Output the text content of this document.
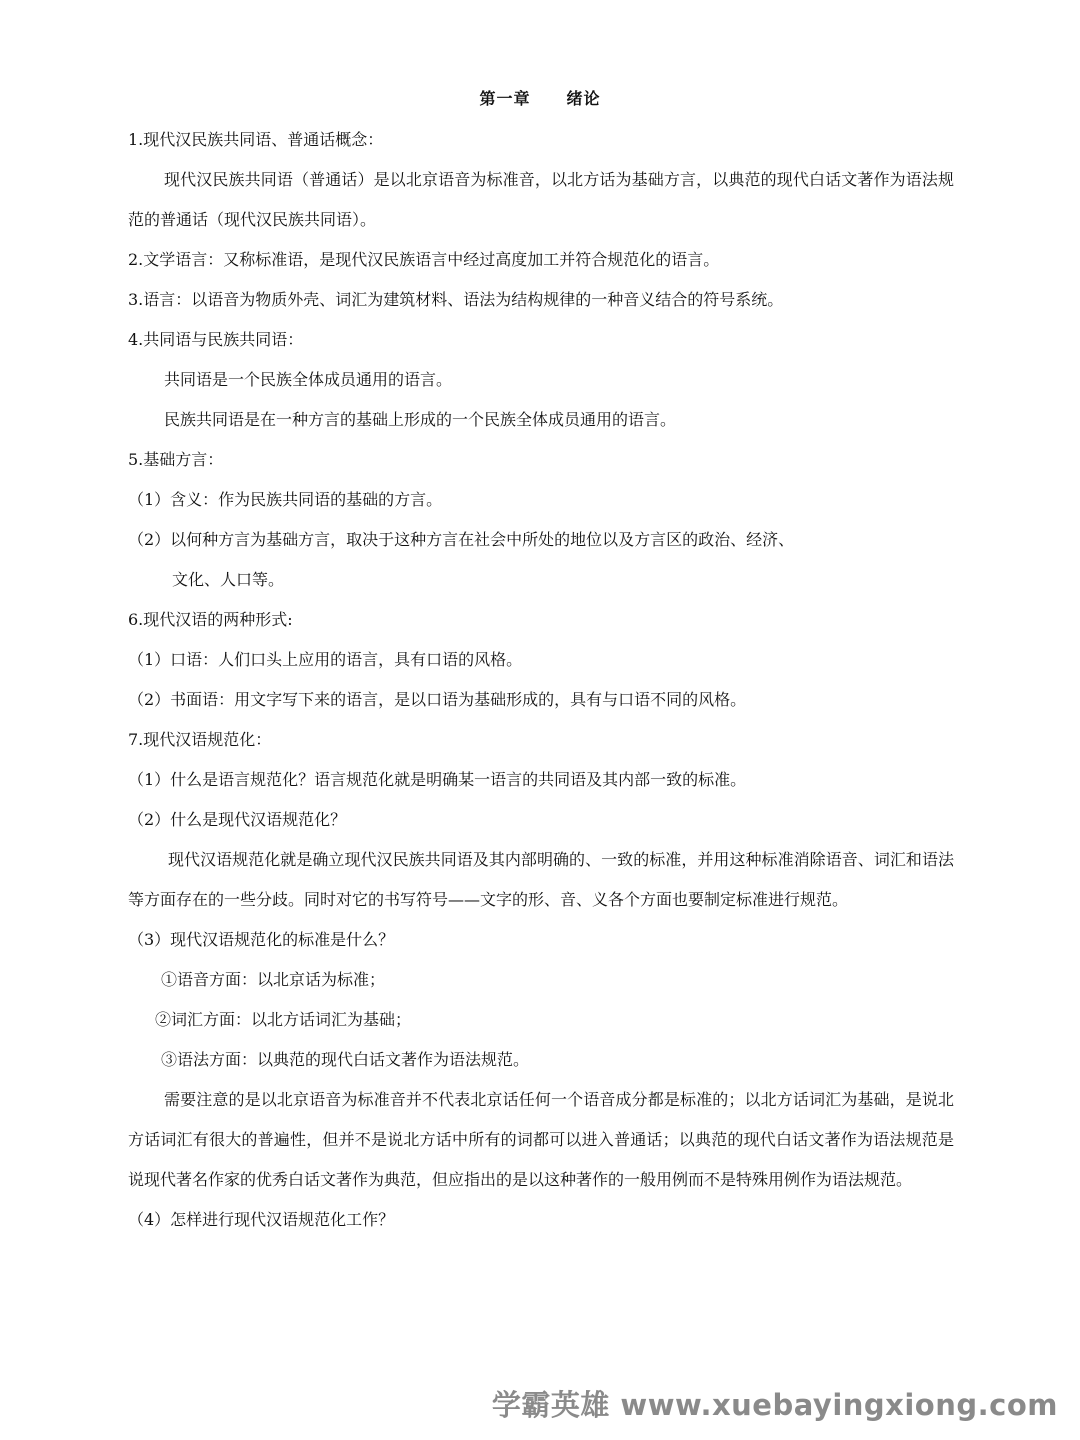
第一章 绪论

1.现代汉民族共同语、普通话概念：

现代汉民族共同语（普通话）是以北京语音为标准音，以北方话为基础方言，以典范的现代白话文著作为语法规范的普通话（现代汉民族共同语）。

2.文学语言：又称标准语，是现代汉民族语言中经过高度加工并符合规范化的语言。

3.语言：以语音为物质外壳、词汇为建筑材料、语法为结构规律的一种音义结合的符号系统。

4.共同语与民族共同语：

共同语是一个民族全体成员通用的语言。

民族共同语是在一种方言的基础上形成的一个民族全体成员通用的语言。

5.基础方言：

（1）含义：作为民族共同语的基础的方言。

（2）以何种方言为基础方言，取决于这种方言在社会中所处的地位以及方言区的政治、经济、

文化、人口等。

6.现代汉语的两种形式:

（1）口语：人们口头上应用的语言，具有口语的风格。

（2）书面语：用文字写下来的语言，是以口语为基础形成的，具有与口语不同的风格。

7.现代汉语规范化：

（1）什么是语言规范化？语言规范化就是明确某一语言的共同语及其内部一致的标准。

（2）什么是现代汉语规范化？

现代汉语规范化就是确立现代汉民族共同语及其内部明确的、一致的标准，并用这种标准消除语音、词汇和语法等方面存在的一些分歧。同时对它的书写符号——文字的形、音、义各个方面也要制定标准进行规范。

（3）现代汉语规范化的标准是什么？

①语音方面：以北京话为标准；

②词汇方面：以北方话词汇为基础；

③语法方面：以典范的现代白话文著作为语法规范。

需要注意的是以北京语音为标准音并不代表北京话任何一个语音成分都是标准的；以北方话词汇为基础，是说北方话词汇有很大的普遍性，但并不是说北方话中所有的词都可以进入普通话；以典范的现代白话文著作为语法规范是说现代著名作家的优秀白话文著作为典范，但应指出的是以这种著作的一般用例而不是特殊用例作为语法规范。

（4）怎样进行现代汉语规范化工作？

学霸英雄 www.xuebayingxiong.com
